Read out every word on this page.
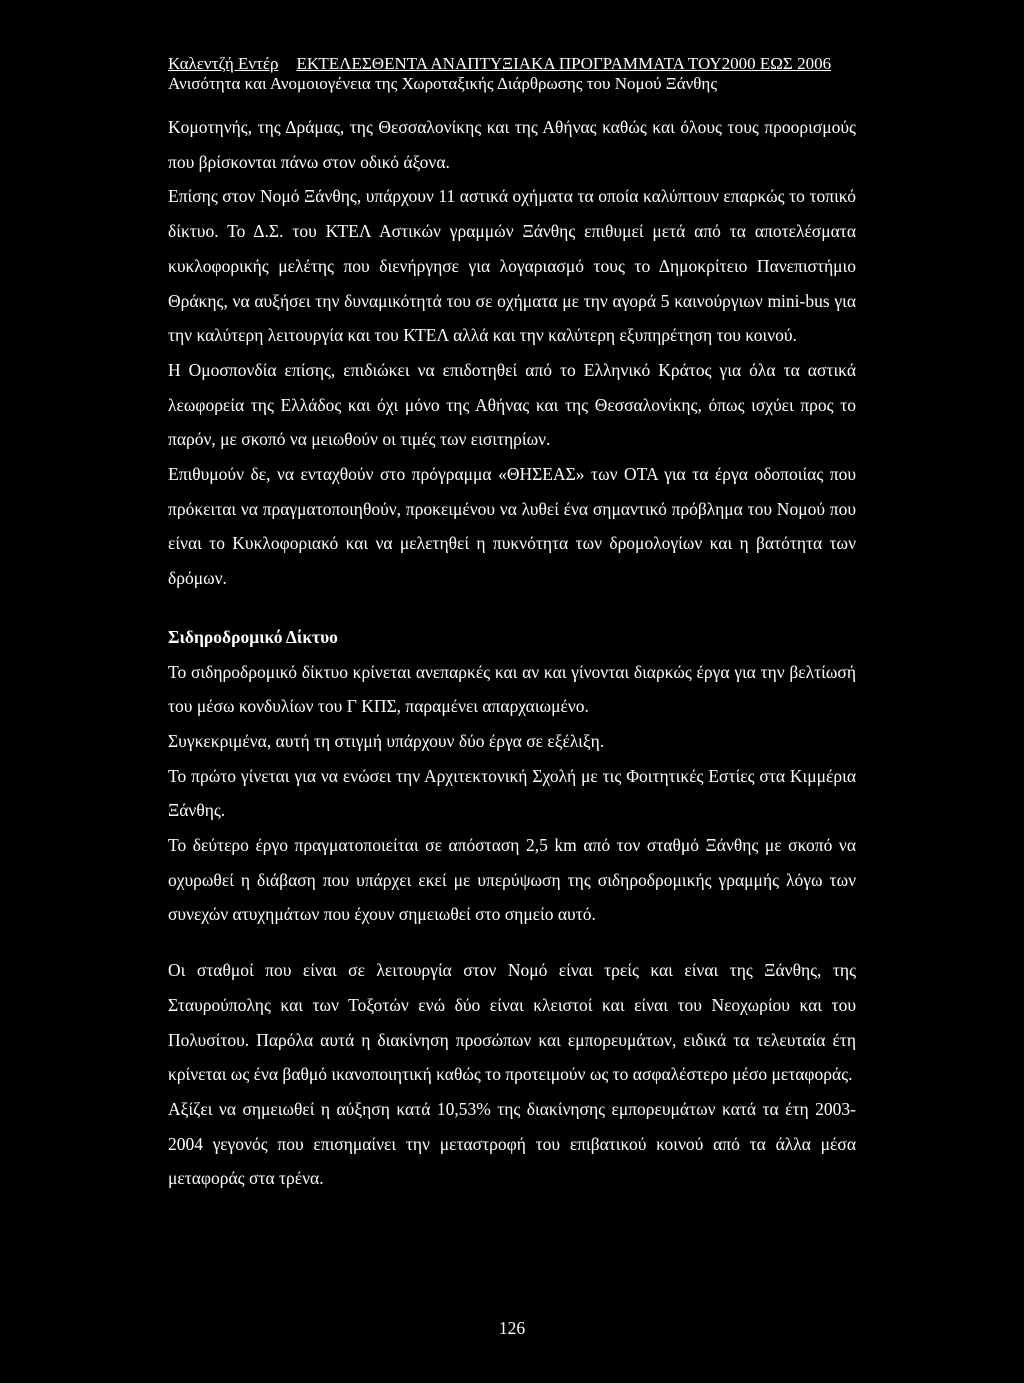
Καλεντζή Εντέρ ΕΚΤΕΛΕΣΘΕΝΤΑ ΑΝΑΠΤΥΞΙΑΚΑ ΠΡΟΓΡΑΜΜΑΤΑ ΤΟΥ2000 ΕΩΣ 2006
Ανισότητα και Ανομοιογένεια της Χωροταξικής Διάρθρωσης του Νομού Ξάνθης

Κομοτηνής, της Δράμας, της Θεσσαλονίκης και της Αθήνας καθώς και όλους τους προορισμούς που βρίσκονται πάνω στον οδικό άξονα.

Επίσης στον Νομό Ξάνθης, υπάρχουν 11 αστικά οχήματα τα οποία καλύπτουν επαρκώς το τοπικό δίκτυο. Το Δ.Σ. του ΚΤΕΛ Αστικών γραμμών Ξάνθης επιθυμεί μετά από τα αποτελέσματα κυκλοφορικής μελέτης που διενήργησε για λογαριασμό τους το Δημοκρίτειο Πανεπιστήμιο Θράκης, να αυξήσει την δυναμικότητά του σε οχήματα με την αγορά 5 καινούργιων mini-bus για την καλύτερη λειτουργία και του ΚΤΕΛ αλλά και την καλύτερη εξυπηρέτηση του κοινού.

Η Ομοσπονδία επίσης, επιδιώκει να επιδοτηθεί από το Ελληνικό Κράτος για όλα τα αστικά λεωφορεία της Ελλάδος και όχι μόνο της Αθήνας και της Θεσσαλονίκης, όπως ισχύει προς το παρόν, με σκοπό να μειωθούν οι τιμές των εισιτηρίων.

Επιθυμούν δε, να ενταχθούν στο πρόγραμμα «ΘΗΣΕΑΣ» των ΟΤΑ για τα έργα οδοποιίας που πρόκειται να πραγματοποιηθούν, προκειμένου να λυθεί ένα σημαντικό πρόβλημα του Νομού που είναι το Κυκλοφοριακό και να μελετηθεί η πυκνότητα των δρομολογίων και η βατότητα των δρόμων.

Σιδηροδρομικό Δίκτυο

Το σιδηροδρομικό δίκτυο κρίνεται ανεπαρκές και αν και γίνονται διαρκώς έργα για την βελτίωσή του μέσω κονδυλίων του Γ ΚΠΣ, παραμένει απαρχαιωμένο.

Συγκεκριμένα, αυτή τη στιγμή υπάρχουν δύο έργα σε εξέλιξη.

Το πρώτο γίνεται για να ενώσει την Αρχιτεκτονική Σχολή με τις Φοιτητικές Εστίες στα Κιμμέρια Ξάνθης.

Το δεύτερο έργο πραγματοποιείται σε απόσταση 2,5 km από τον σταθμό Ξάνθης με σκοπό να οχυρωθεί η διάβαση που υπάρχει εκεί με υπερύψωση της σιδηροδρομικής γραμμής λόγω των συνεχών ατυχημάτων που έχουν σημειωθεί στο σημείο αυτό.

Οι σταθμοί που είναι σε λειτουργία στον Νομό είναι τρείς και είναι της Ξάνθης, της Σταυρούπολης και των Τοξοτών ενώ δύο είναι κλειστοί και είναι του Νεοχωρίου και του Πολυσίτου. Παρόλα αυτά η διακίνηση προσώπων και εμπορευμάτων, ειδικά τα τελευταία έτη κρίνεται ως ένα βαθμό ικανοποιητική καθώς το προτειμούν ως το ασφαλέστερο μέσο μεταφοράς.

Αξίζει να σημειωθεί η αύξηση κατά 10,53% της διακίνησης εμπορευμάτων κατά τα έτη 2003-2004 γεγονός που επισημαίνει την μεταστροφή του επιβατικού κοινού από τα άλλα μέσα μεταφοράς στα τρένα.

126
